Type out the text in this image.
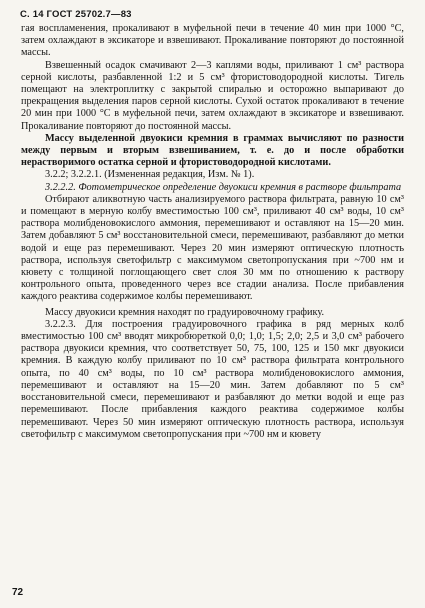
С. 14 ГОСТ 25702.7—83

гая воспламенения, прокаливают в муфельной печи в течение 40 мин при 1000 °С, затем охлаждают в эксикаторе и взвешивают. Прокаливание повторяют до постоянной массы.

Взвешенный осадок смачивают 2—3 каплями воды, приливают 1 см³ раствора серной кислоты, разбавленной 1:2 и 5 см³ фтористоводородной кислоты. Тигель помещают на электроплитку с закрытой спиралью и осторожно выпаривают до прекращения выделения паров серной кислоты. Сухой остаток прокаливают в течение 20 мин при 1000 °С в муфельной печи, затем охлаждают в эксикаторе и взвешивают. Прокаливание повторяют до постоянной массы.

Массу выделенной двуокиси кремния в граммах вычисляют по разности между первым и вторым взвешиванием, т. е. до и после обработки нерастворимого остатка серной и фтористоводородной кислотами.

3.2.2; 3.2.2.1. (Измененная редакция, Изм. № 1).

3.2.2.2. Фотометрическое определение двуокиси кремния в растворе фильтрата

Отбирают аликвотную часть анализируемого раствора фильтрата, равную 10 см³ и помещают в мерную колбу вместимостью 100 см³, приливают 40 см³ воды, 10 см³ раствора молибденовокислого аммония, перемешивают и оставляют на 15—20 мин. Затем добавляют 5 см³ восстановительной смеси, перемешивают, разбавляют до метки водой и еще раз перемешивают. Через 20 мин измеряют оптическую плотность раствора, используя светофильтр с максимумом светопропускания при ~700 нм и кювету с толщиной поглощающего свет слоя 30 мм по отношению к раствору контрольного опыта, проведенного через все стадии анализа. После прибавления каждого реактива содержимое колбы перемешивают.

Массу двуокиси кремния находят по градуировочному графику.

3.2.2.3. Для построения градуировочного графика в ряд мерных колб вместимостью 100 см³ вводят микробюреткой 0,0; 1,0; 1,5; 2,0; 2,5 и 3,0 см³ рабочего раствора двуокиси кремния, что соответствует 50, 75, 100, 125 и 150 мкг двуокиси кремния. В каждую колбу приливают по 10 см³ раствора фильтрата контрольного опыта, по 40 см³ воды, по 10 см³ раствора молибденовокислого аммония, перемешивают и оставляют на 15—20 мин. Затем добавляют по 5 см³ восстановительной смеси, перемешивают и разбавляют до метки водой и еще раз перемешивают. После прибавления каждого реактива содержимое колбы перемешивают. Через 50 мин измеряют оптическую плотность раствора, используя светофильтр с максимумом светопропускания при ~700 нм и кювету

72
